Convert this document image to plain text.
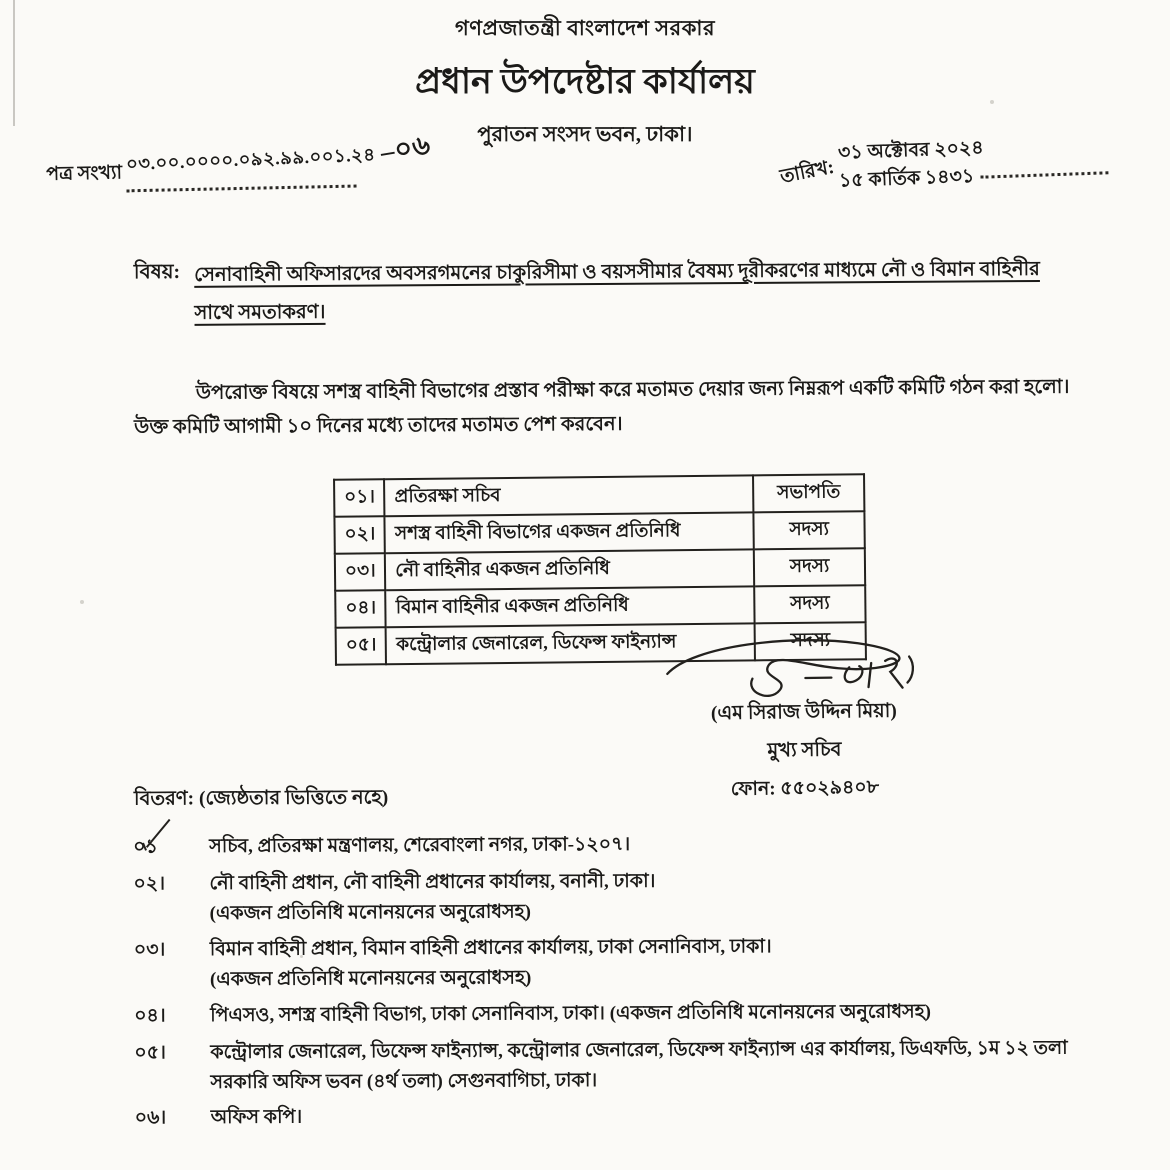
গণপ্রজাতন্ত্রী বাংলাদেশ সরকার
প্রধান উপদেষ্টার কার্যালয়
পুরাতন সংসদ ভবন, ঢাকা।
পত্র সংখ্যা ০৩.০০.০০০০.০৯২.৯৯.০০১.২৪–০৬
তারিখ:
৩১ অক্টোবর ২০২৪
১৫ কার্তিক ১৪৩১
বিষয়: সেনাবাহিনী অফিসারদের অবসরগমনের চাকুরিসীমা ও বয়সসীমার বৈষম্য দূরীকরণের মাধ্যমে নৌ ও বিমান বাহিনীর সাথে সমতাকরণ।
উপরোক্ত বিষয়ে সশস্ত্র বাহিনী বিভাগের প্রস্তাব পরীক্ষা করে মতামত দেয়ার জন্য নিম্নরূপ একটি কমিটি গঠন করা হলো। উক্ত কমিটি আগামী ১০ দিনের মধ্যে তাদের মতামত পেশ করবেন।
০১।	প্রতিরক্ষা সচিব	সভাপতি
০২।	সশস্ত্র বাহিনী বিভাগের একজন প্রতিনিধি	সদস্য
০৩।	নৌ বাহিনীর একজন প্রতিনিধি	সদস্য
০৪।	বিমান বাহিনীর একজন প্রতিনিধি	সদস্য
০৫।	কন্ট্রোলার জেনারেল, ডিফেন্স ফাইন্যান্স	সদস্য
(এম সিরাজ উদ্দিন মিয়া)
মুখ্য সচিব
ফোন: ৫৫০২৯৪০৮
বিতরণ: (জ্যেষ্ঠতার ভিত্তিতে নহে)
০১	সচিব, প্রতিরক্ষা মন্ত্রণালয়, শেরেবাংলা নগর, ঢাকা-১২০৭।
০২।	নৌ বাহিনী প্রধান, নৌ বাহিনী প্রধানের কার্যালয়, বনানী, ঢাকা।
(একজন প্রতিনিধি মনোনয়নের অনুরোধসহ)
০৩।	বিমান বাহিনী প্রধান, বিমান বাহিনী প্রধানের কার্যালয়, ঢাকা সেনানিবাস, ঢাকা।
(একজন প্রতিনিধি মনোনয়নের অনুরোধসহ)
০৪।	পিএসও, সশস্ত্র বাহিনী বিভাগ, ঢাকা সেনানিবাস, ঢাকা। (একজন প্রতিনিধি মনোনয়নের অনুরোধসহ)
০৫।	কন্ট্রোলার জেনারেল, ডিফেন্স ফাইন্যান্স, কন্ট্রোলার জেনারেল, ডিফেন্স ফাইন্যান্স এর কার্যালয়, ডিএফডি, ১ম ১২ তলা সরকারি অফিস ভবন (৪র্থ তলা) সেগুনবাগিচা, ঢাকা।
০৬।	অফিস কপি।
